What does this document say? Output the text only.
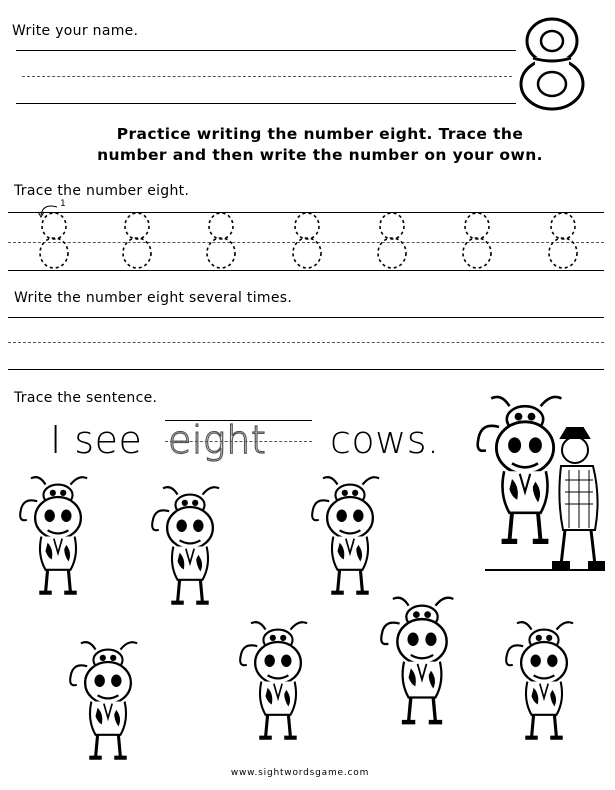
Write your name.
Practice writing the number eight. Trace the
number and then write the number on your own.
Trace the number eight.
1
Write the number eight several times.
Trace the sentence.
I see eight cows.
www.sightwordsgame.com
